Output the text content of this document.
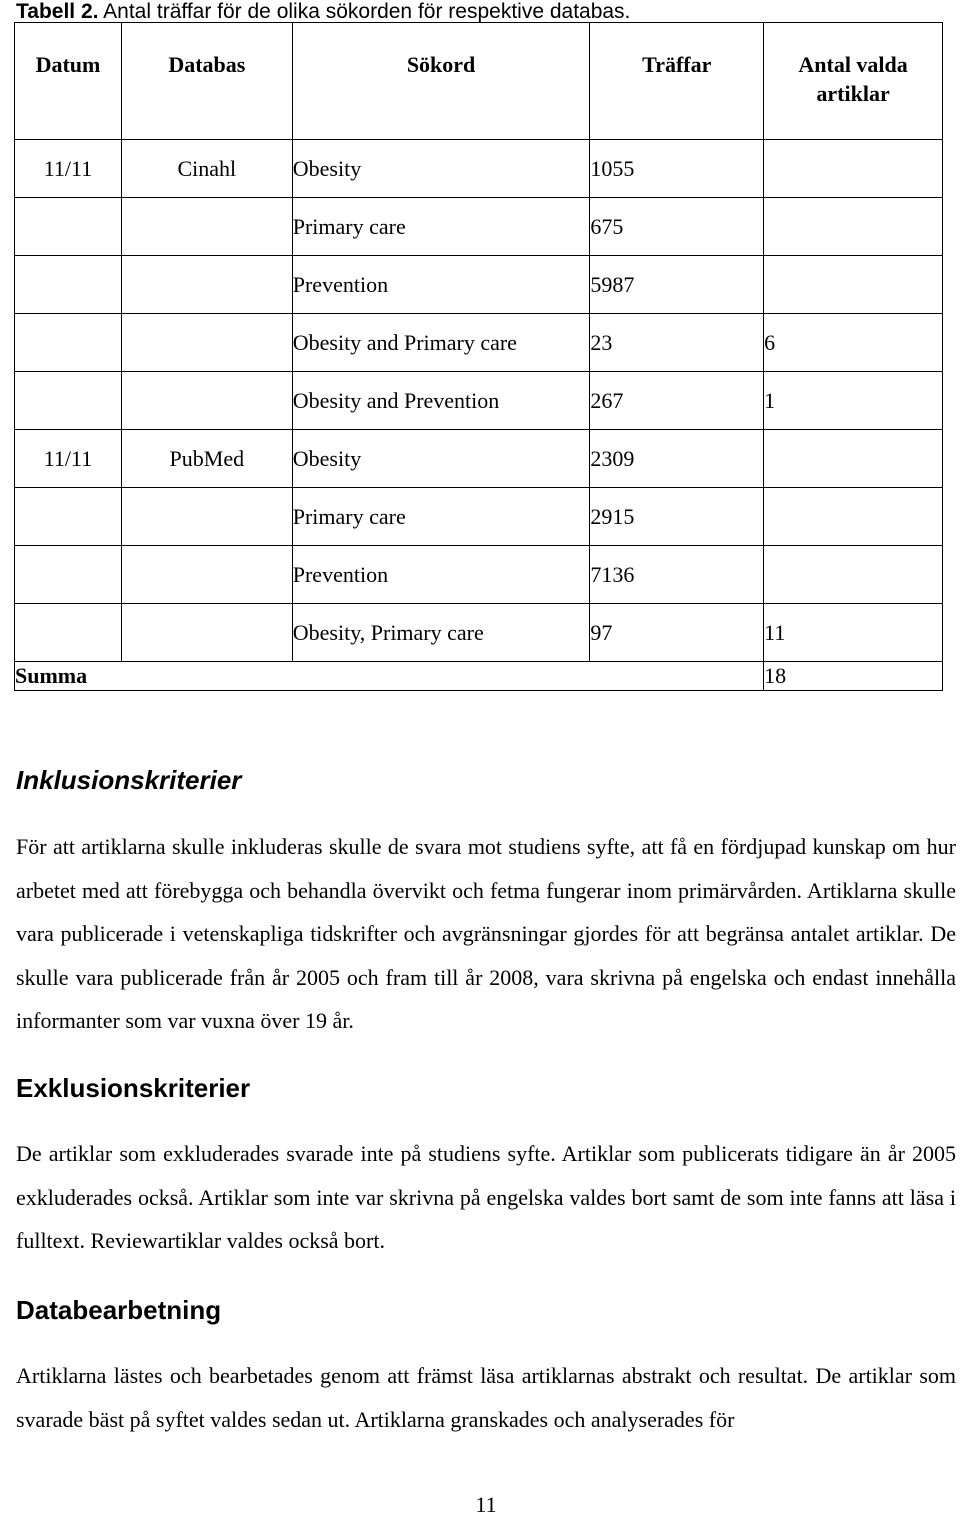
Tabell 2. Antal träffar för de olika sökorden för respektive databas.
Datum	Databas	Sökord	Träffar	Antal valda
artiklar

11/11	Cinahl	Obesity	1055	
		Primary care	675	
		Prevention	5987	
		Obesity and Primary care	23	6
		Obesity and Prevention	267	1
11/11	PubMed	Obesity	2309	
		Primary care	2915	
		Prevention	7136	
		Obesity, Primary care	97	11
Summa				18
Inklusionskriterier

För att artiklarna skulle inkluderas skulle de svara mot studiens syfte, att få en fördjupad kunskap om hur arbetet med att förebygga och behandla övervikt och fetma fungerar inom primärvården. Artiklarna skulle vara publicerade i vetenskapliga tidskrifter och avgränsningar gjordes för att begränsa antalet artiklar. De skulle vara publicerade från år 2005 och fram till år 2008, vara skrivna på engelska och endast innehålla informanter som var vuxna över 19 år.

Exklusionskriterier

De artiklar som exkluderades svarade inte på studiens syfte. Artiklar som publicerats tidigare än år 2005 exkluderades också. Artiklar som inte var skrivna på engelska valdes bort samt de som inte fanns att läsa i fulltext. Reviewartiklar valdes också bort.

Databearbetning

Artiklarna lästes och bearbetades genom att främst läsa artiklarnas abstrakt och resultat. De artiklar som svarade bäst på syftet valdes sedan ut. Artiklarna granskades och analyserades för

11
